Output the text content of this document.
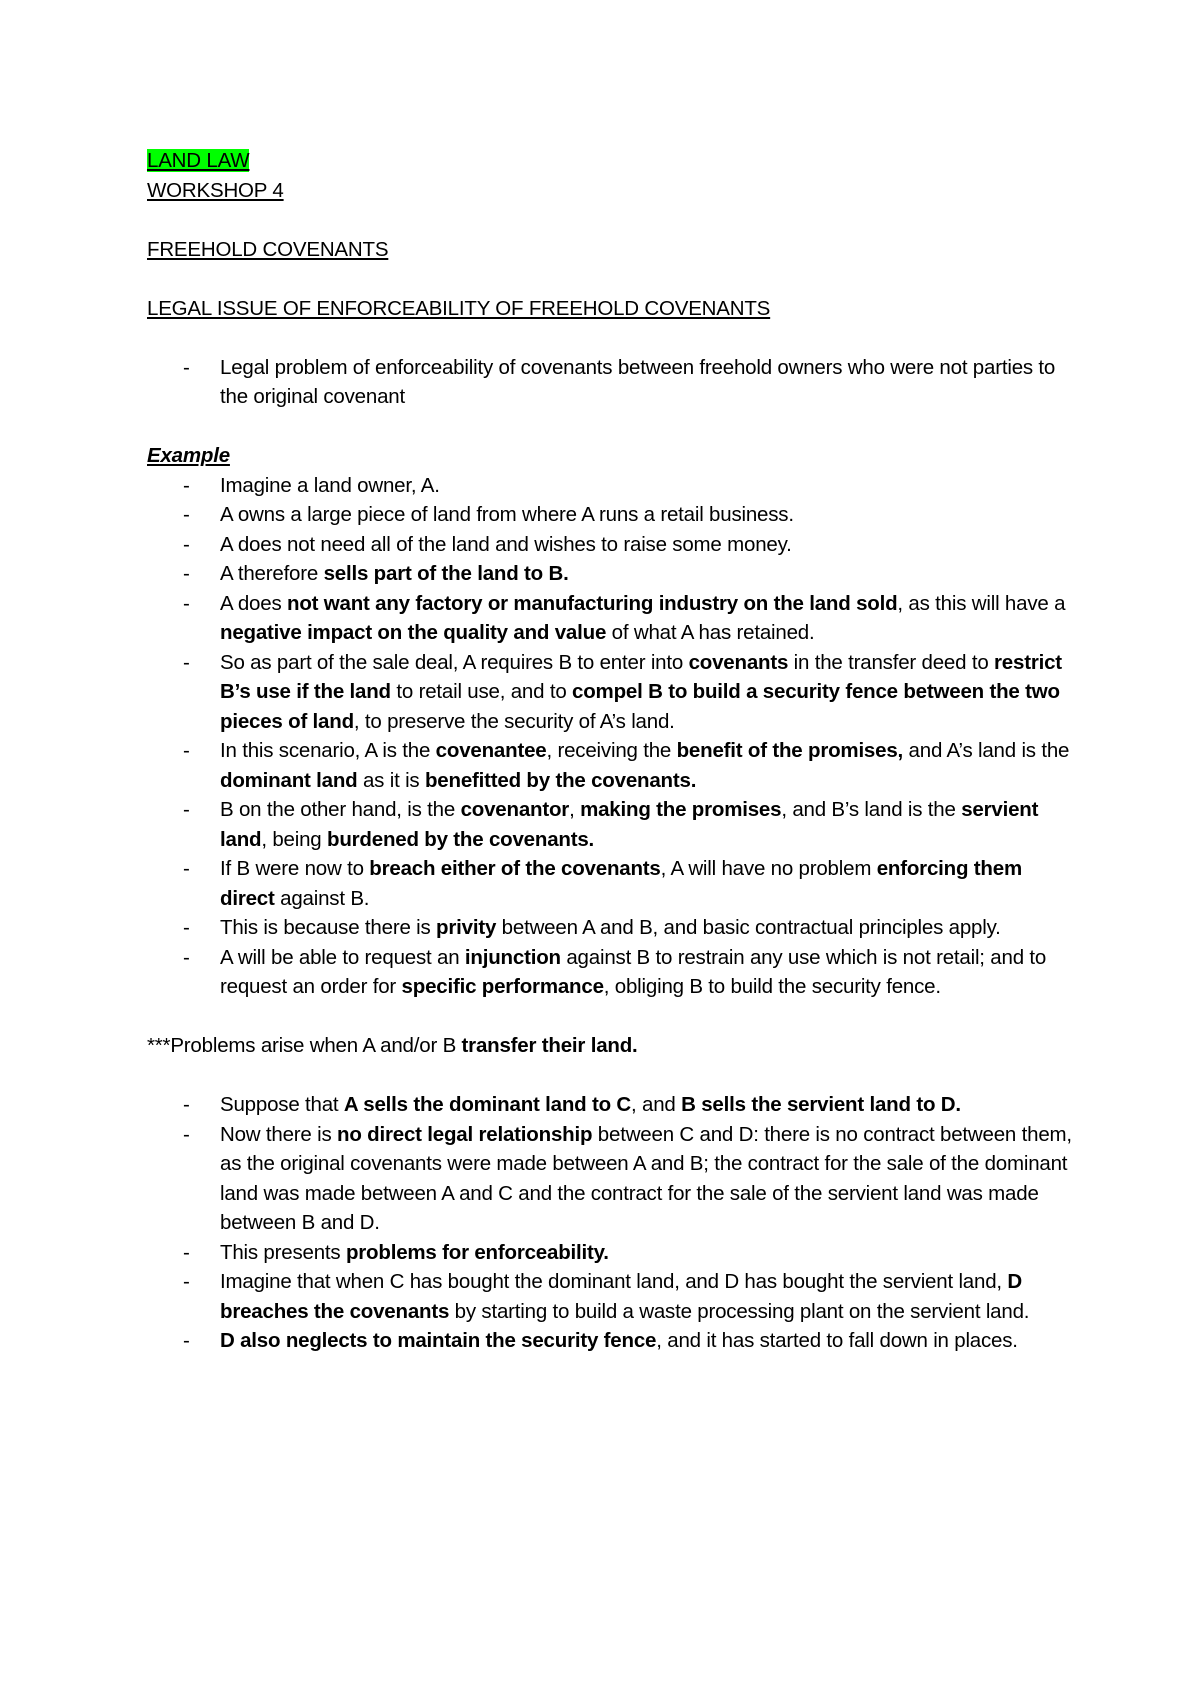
LAND LAW
WORKSHOP 4
FREEHOLD COVENANTS
LEGAL ISSUE OF ENFORCEABILITY OF FREEHOLD COVENANTS
- Legal problem of enforceability of covenants between freehold owners who were not parties to the original covenant
Example
- Imagine a land owner, A.
- A owns a large piece of land from where A runs a retail business.
- A does not need all of the land and wishes to raise some money.
- A therefore sells part of the land to B.
- A does not want any factory or manufacturing industry on the land sold, as this will have a negative impact on the quality and value of what A has retained.
- So as part of the sale deal, A requires B to enter into covenants in the transfer deed to restrict B’s use if the land to retail use, and to compel B to build a security fence between the two pieces of land, to preserve the security of A’s land.
- In this scenario, A is the covenantee, receiving the benefit of the promises, and A’s land is the dominant land as it is benefitted by the covenants.
- B on the other hand, is the covenantor, making the promises, and B’s land is the servient land, being burdened by the covenants.
- If B were now to breach either of the covenants, A will have no problem enforcing them direct against B.
- This is because there is privity between A and B, and basic contractual principles apply.
- A will be able to request an injunction against B to restrain any use which is not retail; and to request an order for specific performance, obliging B to build the security fence.
***Problems arise when A and/or B transfer their land.
- Suppose that A sells the dominant land to C, and B sells the servient land to D.
- Now there is no direct legal relationship between C and D: there is no contract between them, as the original covenants were made between A and B; the contract for the sale of the dominant land was made between A and C and the contract for the sale of the servient land was made between B and D.
- This presents problems for enforceability.
- Imagine that when C has bought the dominant land, and D has bought the servient land, D breaches the covenants by starting to build a waste processing plant on the servient land.
- D also neglects to maintain the security fence, and it has started to fall down in places.
